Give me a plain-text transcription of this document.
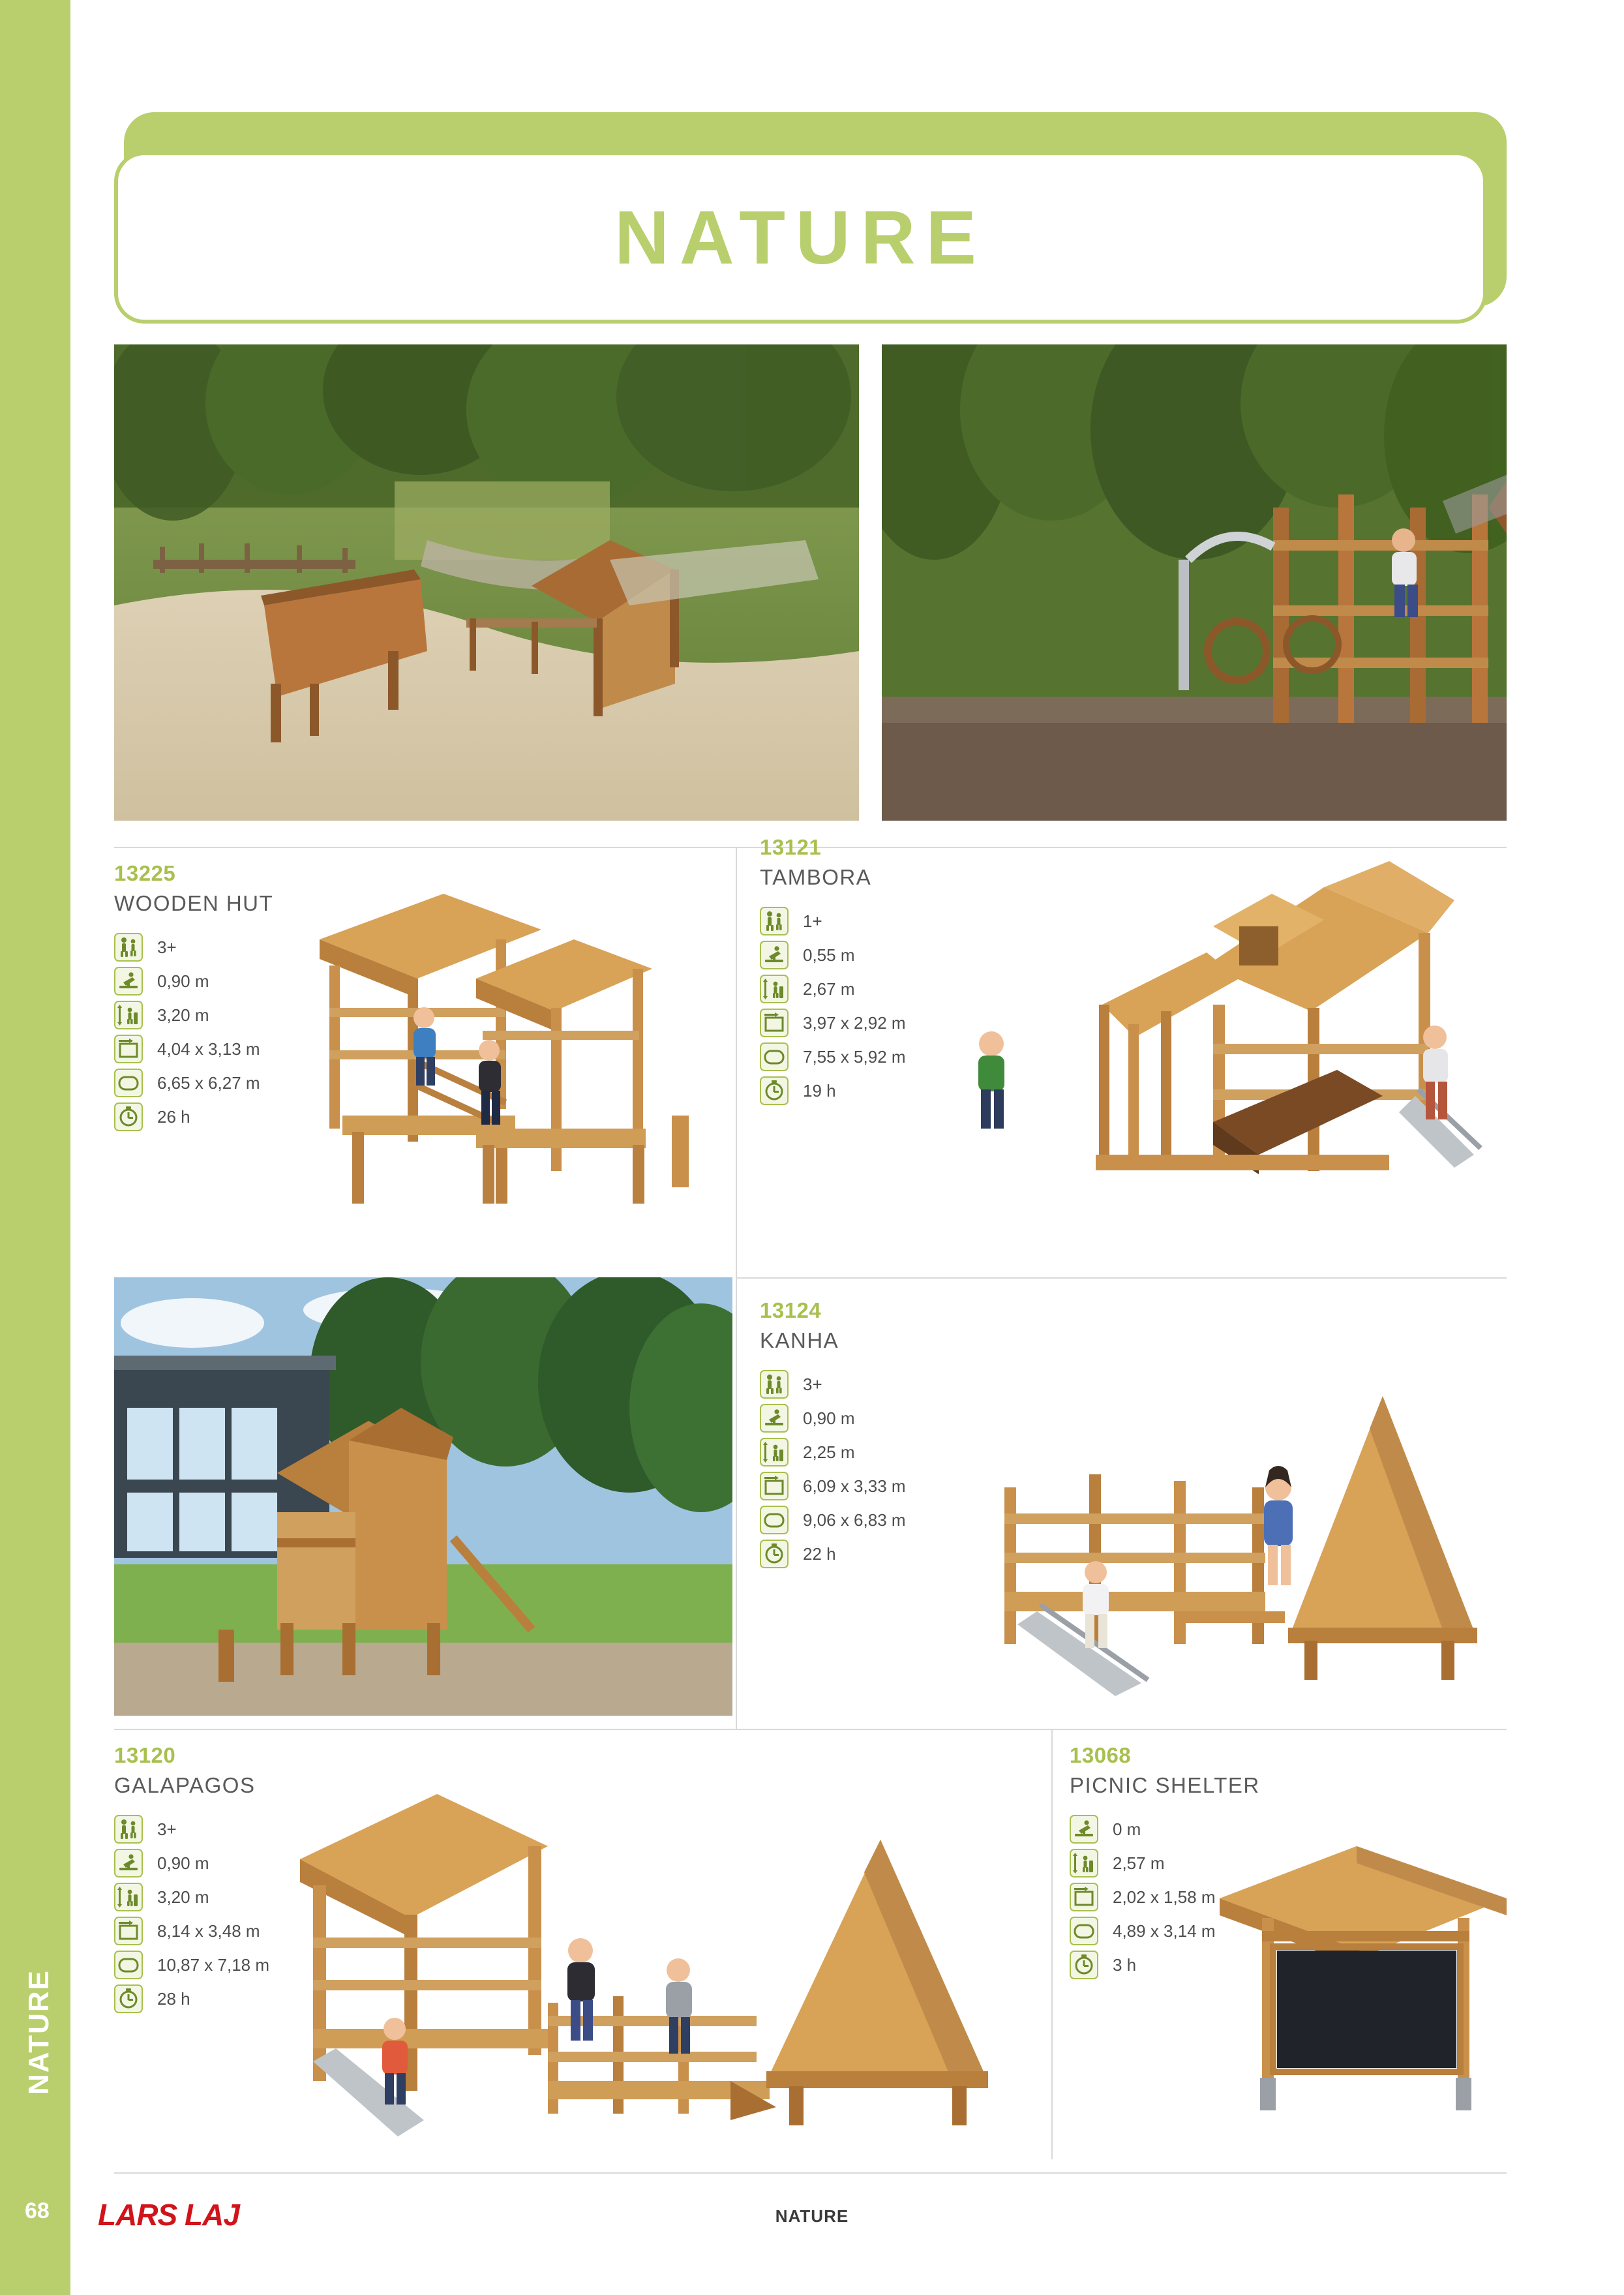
NATURE
68
NATURE
13225
WOODEN HUT
3+
0,90 m
3,20 m
4,04 x 3,13 m
6,65 x 6,27 m
26 h
13121
TAMBORA
1+
0,55 m
2,67 m
3,97 x 2,92 m
7,55 x 5,92 m
19 h
13124
KANHA
3+
0,90 m
2,25 m
6,09 x 3,33 m
9,06 x 6,83 m
22 h
13120
GALAPAGOS
3+
0,90 m
3,20 m
8,14 x 3,48 m
10,87 x 7,18 m
28 h
13068
PICNIC SHELTER
0 m
2,57 m
2,02 x 1,58 m
4,89 x 3,14 m
3 h
LARS LAJ	NATURE
